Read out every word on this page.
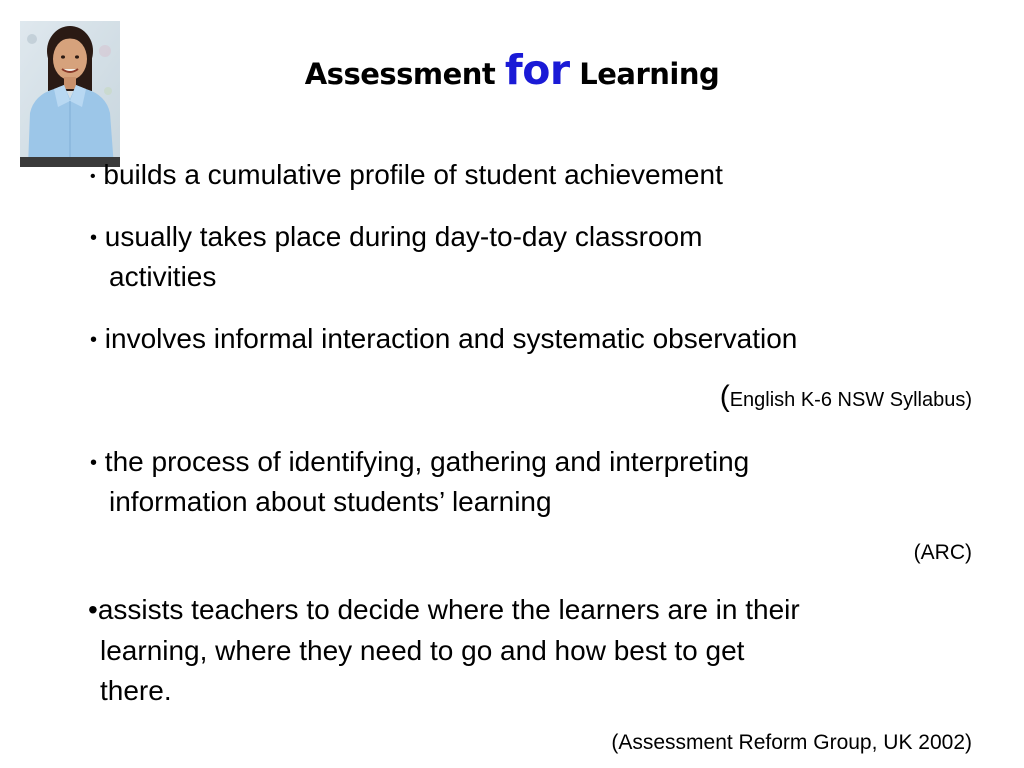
Assessment for Learning
• builds a cumulative profile of student achievement
• usually takes place during day-to-day classroom
activities
• involves informal interaction and systematic observation
(English K-6 NSW Syllabus)
• the process of identifying, gathering and interpreting
information about students’ learning
(ARC)
•assists teachers to decide where the learners are in their
learning, where they need to go and how best to get
there.
(Assessment Reform Group, UK 2002)
